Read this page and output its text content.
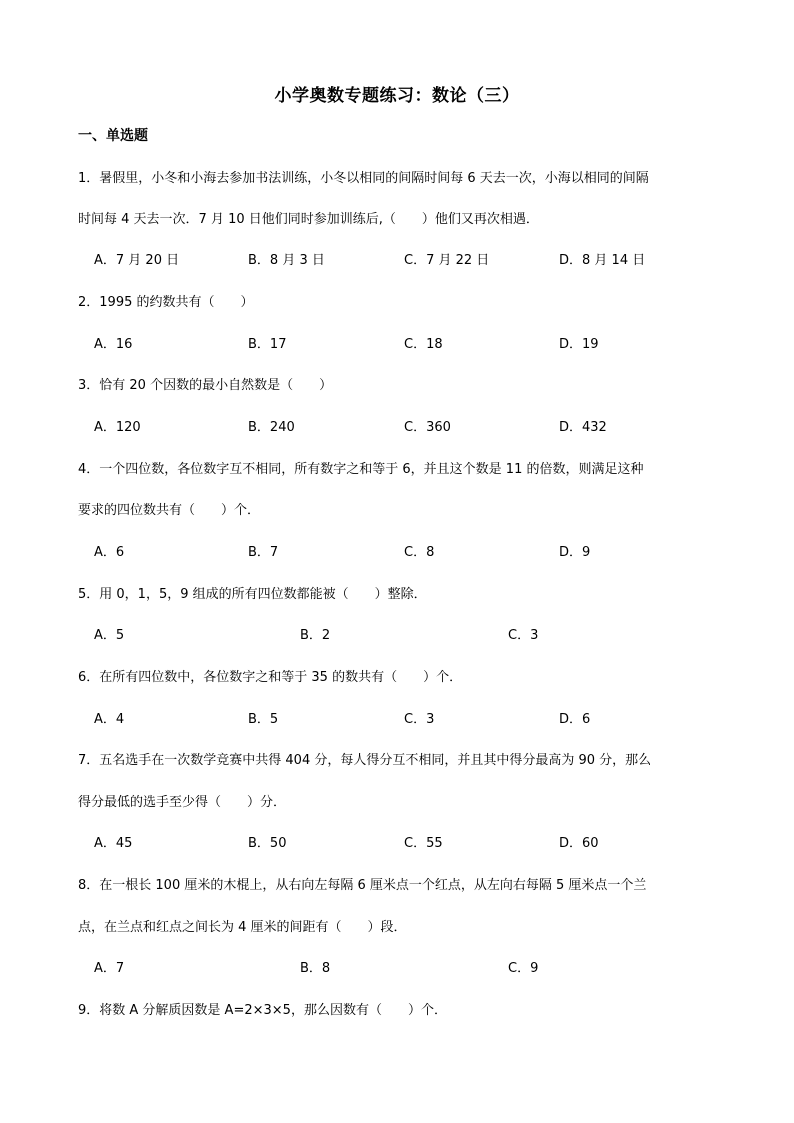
小学奥数专题练习：数论（三）
一、单选题
1．暑假里，小冬和小海去参加书法训练，小冬以相同的间隔时间每 6 天去一次，小海以相同的间隔
时间每 4 天去一次．7 月 10 日他们同时参加训练后,（　　）他们又再次相遇．
A．7 月 20 日	B．8 月 3 日	C．7 月 22 日	D．8 月 14 日
2．1995 的约数共有（　　）
A．16	B．17	C．18	D．19
3．恰有 20 个因数的最小自然数是（　　）
A．120	B．240	C．360	D．432
4．一个四位数，各位数字互不相同，所有数字之和等于 6，并且这个数是 11 的倍数，则满足这种
要求的四位数共有（　　）个．
A．6	B．7	C．8	D．9
5．用 0，1，5，9 组成的所有四位数都能被（　　）整除．
A．5	B．2	C．3
6．在所有四位数中，各位数字之和等于 35 的数共有（　　）个．
A．4	B．5	C．3	D．6
7．五名选手在一次数学竞赛中共得 404 分，每人得分互不相同，并且其中得分最高为 90 分，那么
得分最低的选手至少得（　　）分．
A．45	B．50	C．55	D．60
8．在一根长 100 厘米的木棍上，从右向左每隔 6 厘米点一个红点，从左向右每隔 5 厘米点一个兰
点，在兰点和红点之间长为 4 厘米的间距有（　　）段．
A．7	B．8	C．9
9．将数 A 分解质因数是 A=2×3×5，那么因数有（　　）个．
